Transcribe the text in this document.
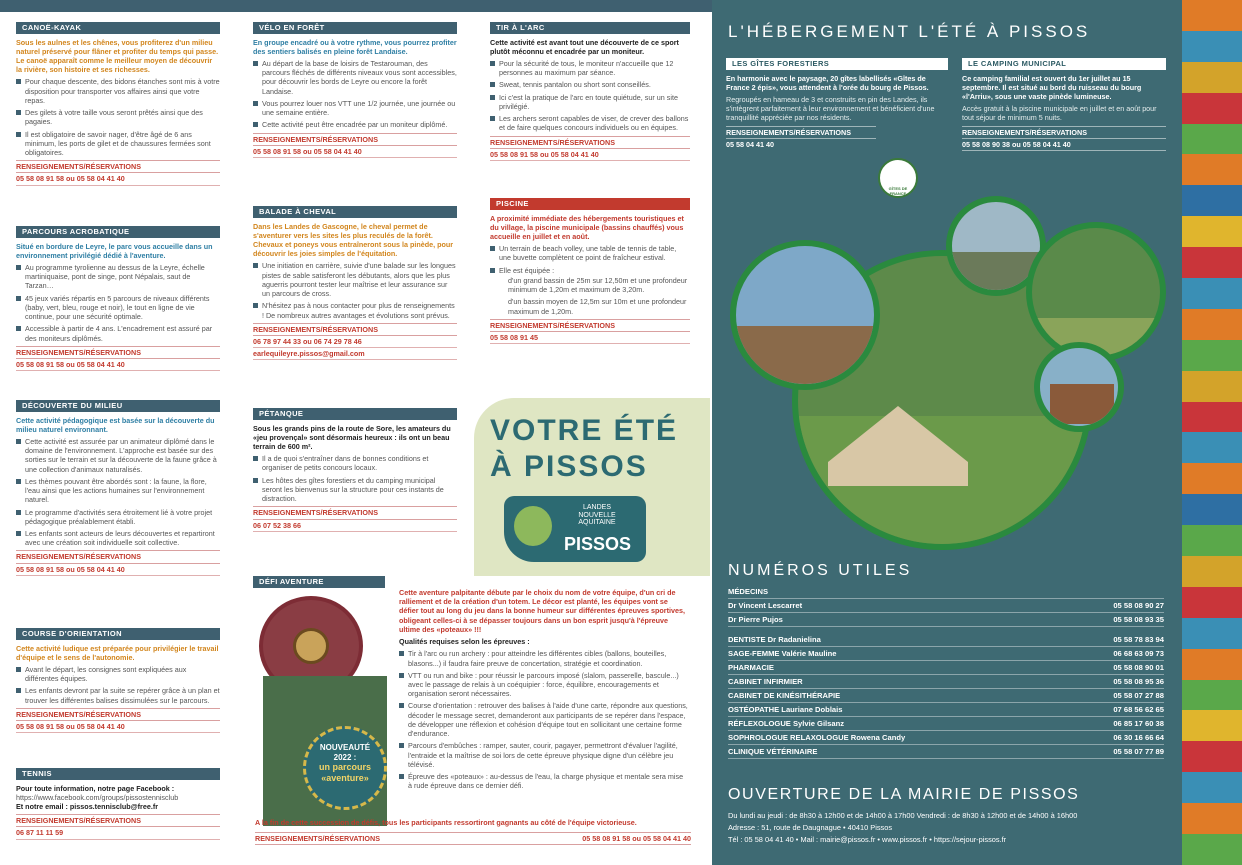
CANOË-KAYAK

Sous les aulnes et les chênes, vous profiterez d'un milieu naturel préservé pour flâner et profiter du temps qui passe. Le canoë apparaît comme le meilleur moyen de découvrir la rivière, son histoire et ses richesses.

Pour chaque descente, des bidons étanches sont mis à votre disposition pour transporter vos affaires ainsi que votre repas.

Des gilets à votre taille vous seront prêtés ainsi que des pagaies.

Il est obligatoire de savoir nager, d'être âgé de 6 ans minimum, les ports de gilet et de chaussures fermées sont obligatoires.

RENSEIGNEMENTS/RÉSERVATIONS
05 58 08 91 58 ou 05 58 04 41 40
PARCOURS ACROBATIQUE

Situé en bordure de Leyre, le parc vous accueille dans un environnement privilégié dédié à l'aventure.

Au programme tyrolienne au dessus de la Leyre, échelle martiniquaise, pont de singe, pont Népalais, saut de Tarzan…

45 jeux variés répartis en 5 parcours de niveaux différents (baby, vert, bleu, rouge et noir), le tout en ligne de vie continue, pour une sécurité optimale.

Accessible à partir de 4 ans. L'encadrement est assuré par des moniteurs diplômés.

RENSEIGNEMENTS/RÉSERVATIONS
05 58 08 91 58 ou 05 58 04 41 40
DÉCOUVERTE DU MILIEU

Cette activité pédagogique est basée sur la découverte du milieu naturel environnant.

Cette activité est assurée par un animateur diplômé dans le domaine de l'environnement. L'approche est basée sur des sorties sur le terrain et sur la découverte de la faune grâce à une collection d'animaux naturalisés.

Les thèmes pouvant être abordés sont : la faune, la flore, l'eau ainsi que les actions humaines sur l'environnement naturel.

Le programme d'activités sera étroitement lié à votre projet pédagogique préalablement établi.

Les enfants sont acteurs de leurs découvertes et repartiront avec une création soit individuelle soit collective.

RENSEIGNEMENTS/RÉSERVATIONS
05 58 08 91 58 ou 05 58 04 41 40
COURSE D'ORIENTATION

Cette activité ludique est préparée pour privilégier le travail d'équipe et le sens de l'autonomie.

Avant le départ, les consignes sont expliquées aux différentes équipes.

Les enfants devront par la suite se repérer grâce à un plan et trouver les différentes balises dissimulées sur le parcours.

RENSEIGNEMENTS/RÉSERVATIONS
05 58 08 91 58 ou 05 58 04 41 40
TENNIS

Pour toute information, notre page Facebook :

https://www.facebook.com/groups/pissostennisclub

Et notre email : pissos.tennisclub@free.fr

RENSEIGNEMENTS/RÉSERVATIONS
06 87 11 11 59
VÉLO EN FORÊT

En groupe encadré ou à votre rythme, vous pourrez profiter des sentiers balisés en pleine forêt Landaise.

Au départ de la base de loisirs de Testarouman, des parcours fléchés de différents niveaux vous sont accessibles, pour découvrir les bords de Leyre ou encore la forêt Landaise.

Vous pourrez louer nos VTT une 1/2 journée, une journée ou une semaine entière.

Cette activité peut être encadrée par un moniteur diplômé.

RENSEIGNEMENTS/RÉSERVATIONS
05 58 08 91 58 ou 05 58 04 41 40
BALADE À CHEVAL

Dans les Landes de Gascogne, le cheval permet de s'aventurer vers les sites les plus reculés de la forêt. Chevaux et poneys vous entraîneront sous la pinède, pour découvrir les joies simples de l'équitation.

Une initiation en carrière, suivie d'une balade sur les longues pistes de sable satisferont les débutants, alors que les plus aguerris pourront tester leur maîtrise et leur assurance sur un parcours de cross.

N'hésitez pas à nous contacter pour plus de renseignements ! De nombreux autres avantages et évolutions sont prévus.

RENSEIGNEMENTS/RÉSERVATIONS
06 78 97 44 33 ou 06 74 29 78 46
earlequileyre.pissos@gmail.com
PÉTANQUE

Sous les grands pins de la route de Sore, les amateurs du «jeu provençal» sont désormais heureux : ils ont un beau terrain de 600 m².

Il a de quoi s'entraîner dans de bonnes conditions et organiser de petits concours locaux.

Les hôtes des gîtes forestiers et du camping municipal seront les bienvenus sur la structure pour ces instants de distraction.

RENSEIGNEMENTS/RÉSERVATIONS
06 07 52 38 66
TIR À L'ARC

Cette activité est avant tout une découverte de ce sport plutôt méconnu et encadrée par un moniteur.

Pour la sécurité de tous, le moniteur n'accueille que 12 personnes au maximum par séance.

Sweat, tennis pantalon ou short sont conseillés.

Ici c'est la pratique de l'arc en toute quiétude, sur un site privilégié.

Les archers seront capables de viser, de crever des ballons et de faire quelques concours individuels ou en équipes.

RENSEIGNEMENTS/RÉSERVATIONS
05 58 08 91 58 ou 05 58 04 41 40
PISCINE

A proximité immédiate des hébergements touristiques et du village, la piscine municipale (bassins chauffés) vous accueille en juillet et en août.

Un terrain de beach volley, une table de tennis de table, une buvette complètent ce point de fraîcheur estival.

Elle est équipée :

d'un grand bassin de 25m sur 12,50m et une profondeur minimum de 1,20m et maximum de 3,20m.

d'un bassin moyen de 12,5m sur 10m et une profondeur maximum de 1,20m.

RENSEIGNEMENTS/RÉSERVATIONS
05 58 08 91 45
VOTRE ÉTÉ
À PISSOS
LANDES
NOUVELLE
AQUITAINE
PISSOS
DÉFI AVENTURE
NOUVEAUTÉ
2022 :
un parcours
«aventure»

Cette aventure palpitante débute par le choix du nom de votre équipe, d'un cri de ralliement et de la création d'un totem. Le décor est planté, les équipes vont se défier tout au long du jeu dans la bonne humeur sur différentes épreuves sportives, obligeant celles-ci à se dépasser toujours dans un bon esprit jusqu'à l'épreuve ultime des «poteaux» !!!

Qualités requises selon les épreuves :

Tir à l'arc ou run archery : pour atteindre les différentes cibles (ballons, bouteilles, blasons...) il faudra faire preuve de concertation, stratégie et coordination.

VTT ou run and bike : pour réussir le parcours imposé (slalom, passerelle, bascule...) avec le passage de relais à un coéquipier : force, équilibre, encouragements et organisation seront nécessaires.

Course d'orientation : retrouver des balises à l'aide d'une carte, répondre aux questions, décoder le message secret, demanderont aux participants de se repérer dans l'espace, de développer une réflexion et cohésion d'équipe tout en sollicitant une certaine forme d'endurance.

Parcours d'embûches : ramper, sauter, courir, pagayer, permettront d'évaluer l'agilité, l'entraide et la maîtrise de soi lors de cette épreuve physique digne d'un célèbre jeu télévisé.

Épreuve des «poteaux» : au-dessus de l'eau, la charge physique et mentale sera mise à rude épreuve dans ce dernier défi.

A la fin de cette succession de défis, tous les participants ressortiront gagnants au côté de l'équipe victorieuse.
RENSEIGNEMENTS/RÉSERVATIONS	05 58 08 91 58 ou 05 58 04 41 40
L'HÉBERGEMENT L'ÉTÉ À PISSOS
LES GÎTES FORESTIERS

En harmonie avec le paysage, 20 gîtes labellisés «Gîtes de France 2 épis», vous attendent à l'orée du bourg de Pissos.

Regroupés en hameau de 3 et construits en pin des Landes, ils s'intègrent parfaitement à leur environnement et bénéficient d'une tranquillité appréciée par nos résidents.

RENSEIGNEMENTS/RÉSERVATIONS
05 58 04 41 40
GÎTES DE FRANCE
LE CAMPING MUNICIPAL

Ce camping familial est ouvert du 1er juillet au 15 septembre. Il est situé au bord du ruisseau du bourg «l'Arriu», sous une vaste pinède lumineuse.

Accès gratuit à la piscine municipale en juillet et en août pour tout séjour de minimum 5 nuits.

RENSEIGNEMENTS/RÉSERVATIONS
05 58 08 90 38 ou 05 58 04 41 40
NUMÉROS UTILES
MÉDECINS
Dr Vincent Lescarret	05 58 08 90 27
Dr Pierre Pujos	05 58 08 93 35
DENTISTE Dr Radanielina	05 58 78 83 94
SAGE-FEMME Valérie Mauline	06 68 63 09 73
PHARMACIE	05 58 08 90 01
CABINET INFIRMIER	05 58 08 95 36
CABINET DE KINÉSITHÉRAPIE	05 58 07 27 88
OSTÉOPATHE Lauriane Doblais	07 68 56 62 65
RÉFLEXOLOGUE Sylvie Gilsanz	06 85 17 60 38
SOPHROLOGUE RELAXOLOGUE Rowena Candy	06 30 16 66 64
CLINIQUE VÉTÉRINAIRE	05 58 07 77 89
OUVERTURE DE LA MAIRIE DE PISSOS
Du lundi au jeudi : de 8h30 à 12h00 et de 14h00 à 17h00 Vendredi : de 8h30 à 12h00 et de 14h00 à 16h00
Adresse : 51, route de Daugnague • 40410 Pissos
Tél : 05 58 04 41 40 • Mail : mairie@pissos.fr • www.pissos.fr • https://sejour-pissos.fr
